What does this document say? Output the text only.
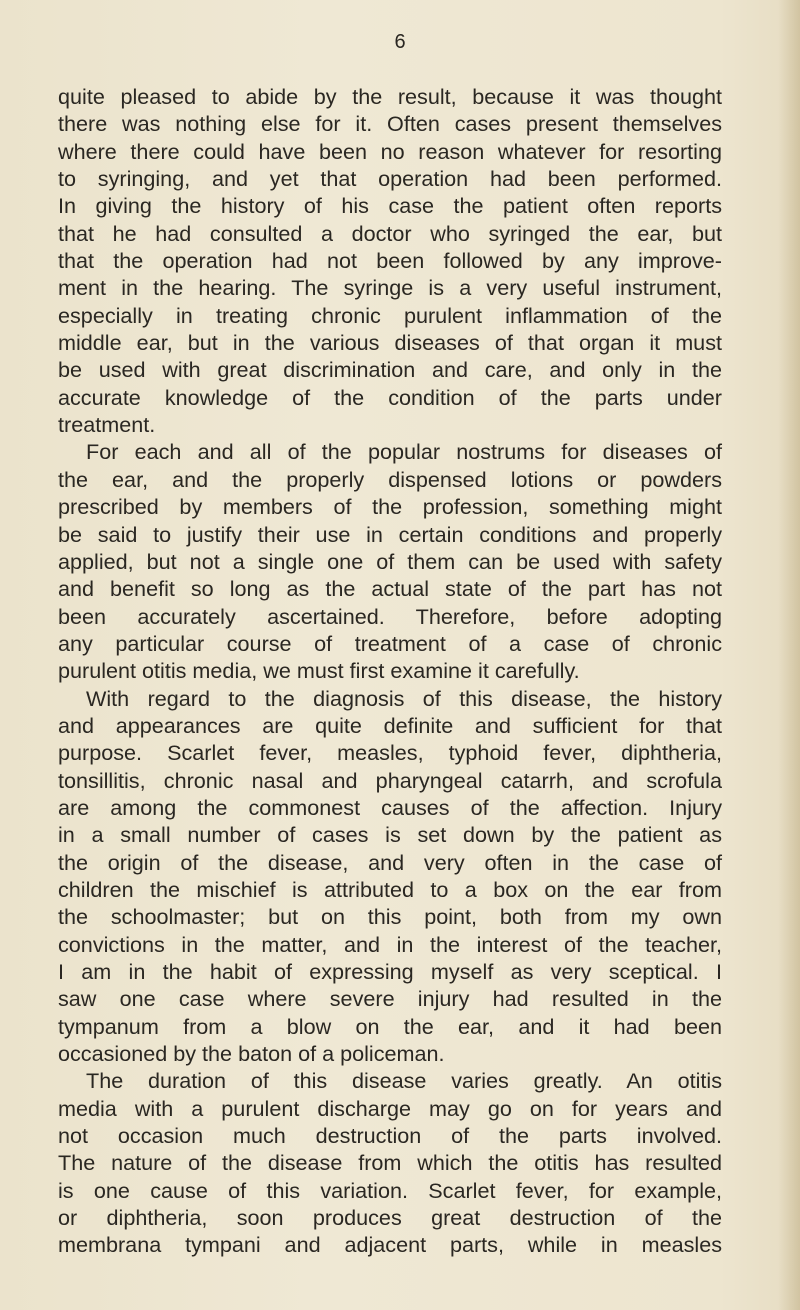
6
quite pleased to abide by the result, because it was thought
there was nothing else for it. Often cases present themselves
where there could have been no reason whatever for resorting
to syringing, and yet that operation had been performed.
In giving the history of his case the patient often reports
that he had consulted a doctor who syringed the ear, but
that the operation had not been followed by any improve-
ment in the hearing. The syringe is a very useful instrument,
especially in treating chronic purulent inflammation of the
middle ear, but in the various diseases of that organ it must
be used with great discrimination and care, and only in the
accurate knowledge of the condition of the parts under
treatment.
For each and all of the popular nostrums for diseases of
the ear, and the properly dispensed lotions or powders
prescribed by members of the profession, something might
be said to justify their use in certain conditions and properly
applied, but not a single one of them can be used with safety
and benefit so long as the actual state of the part has not
been accurately ascertained. Therefore, before adopting
any particular course of treatment of a case of chronic
purulent otitis media, we must first examine it carefully.
With regard to the diagnosis of this disease, the history
and appearances are quite definite and sufficient for that
purpose. Scarlet fever, measles, typhoid fever, diphtheria,
tonsillitis, chronic nasal and pharyngeal catarrh, and scrofula
are among the commonest causes of the affection. Injury
in a small number of cases is set down by the patient as
the origin of the disease, and very often in the case of
children the mischief is attributed to a box on the ear from
the schoolmaster; but on this point, both from my own
convictions in the matter, and in the interest of the teacher,
I am in the habit of expressing myself as very sceptical. I
saw one case where severe injury had resulted in the
tympanum from a blow on the ear, and it had been
occasioned by the baton of a policeman.
The duration of this disease varies greatly. An otitis
media with a purulent discharge may go on for years and
not occasion much destruction of the parts involved.
The nature of the disease from which the otitis has resulted
is one cause of this variation. Scarlet fever, for example,
or diphtheria, soon produces great destruction of the
membrana tympani and adjacent parts, while in measles
